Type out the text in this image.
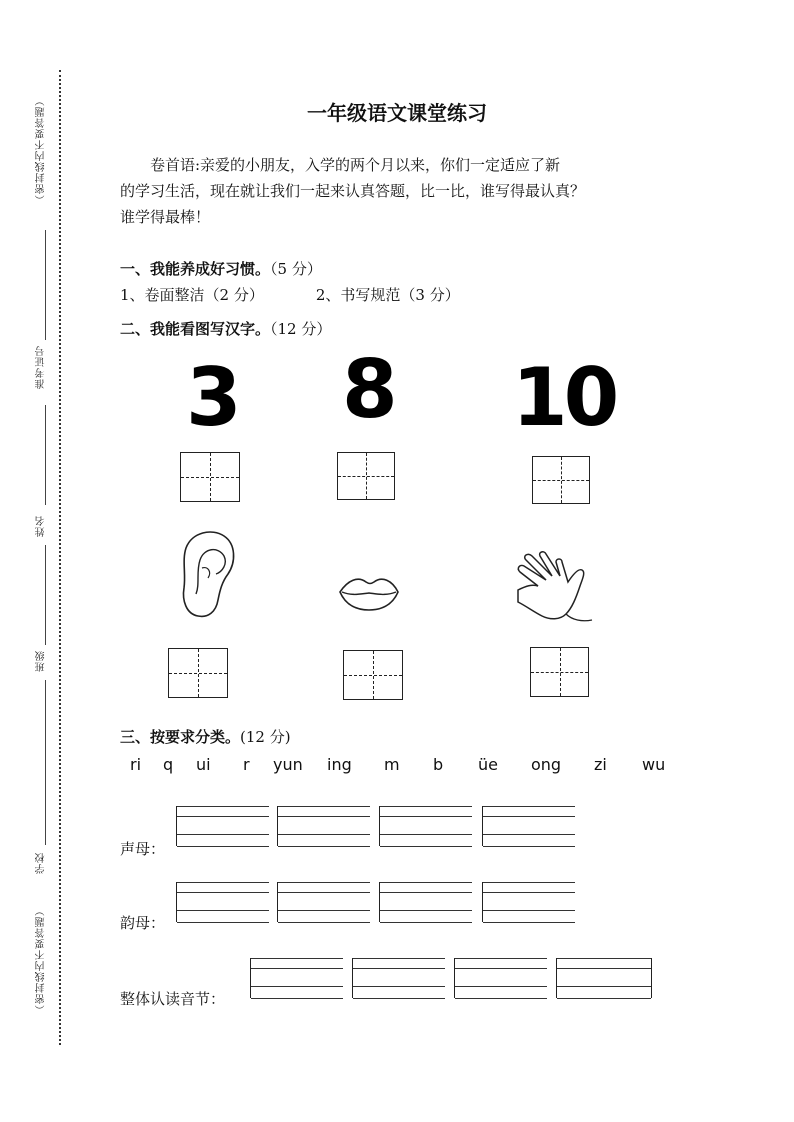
（密封线内不要答题）
准考证号
姓名
班级
学校
（密封线内不要答题）
一年级语文课堂练习

卷首语:亲爱的小朋友，入学的两个月以来，你们一定适应了新

的学习生活，现在就让我们一起来认真答题，比一比，谁写得最认真？

谁学得最棒！

一、我能养成好习惯。（5 分）
1、卷面整洁（2 分）	2、书写规范（3 分）
二、我能看图写汉字。（12 分）
3 8 10
三、按要求分类。(12 分)
ri q ui r yun ing m b üe ong zi wu
声母：
韵母：
整体认读音节：
